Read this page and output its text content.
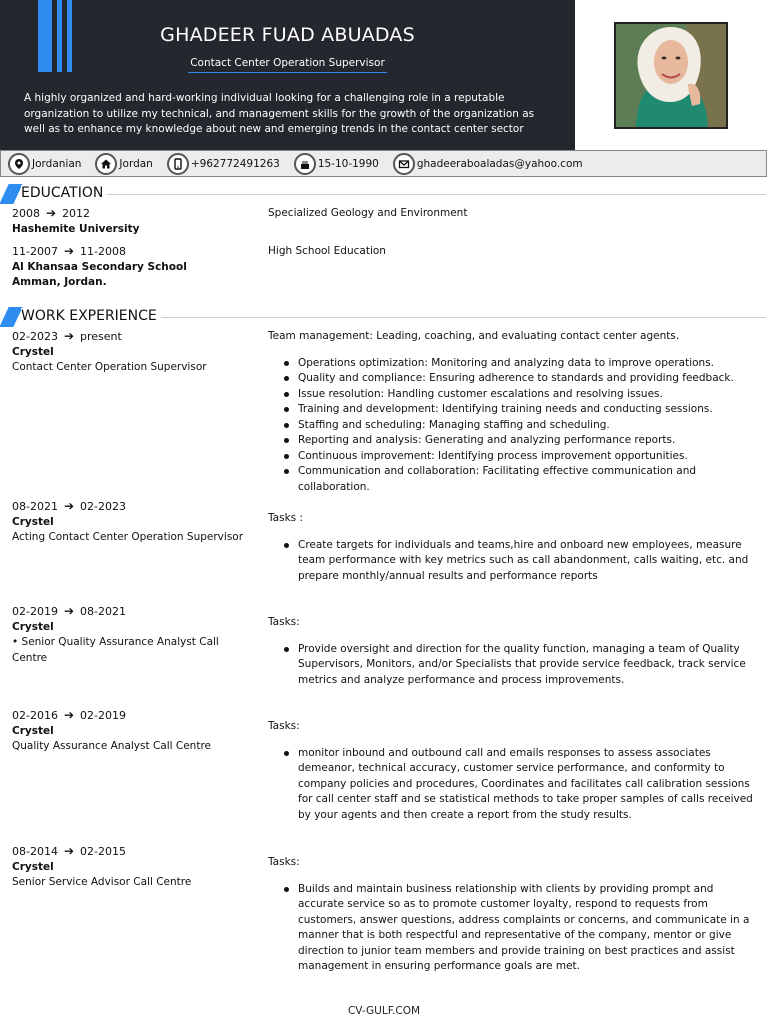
GHADEER FUAD ABUADAS
Contact Center Operation Supervisor
A highly organized and hard-working individual looking for a challenging role in a reputable organization to utilize my technical, and management skills for the growth of the organization as well as to enhance my knowledge about new and emerging trends in the contact center sector
Jordanian	Jordan	+962772491263	15-10-1990	ghadeeraboaladas@yahoo.com
EDUCATION
2008 ➔ 2012
Hashemite University
Specialized Geology and Environment
11-2007 ➔ 11-2008
Al Khansaa Secondary School Amman, Jordan.
High School Education
WORK EXPERIENCE
02-2023 ➔ present
Crystel
Contact Center Operation Supervisor
Team management: Leading, coaching, and evaluating contact center agents.
Operations optimization: Monitoring and analyzing data to improve operations.
Quality and compliance: Ensuring adherence to standards and providing feedback.
Issue resolution: Handling customer escalations and resolving issues.
Training and development: Identifying training needs and conducting sessions.
Staffing and scheduling: Managing staffing and scheduling.
Reporting and analysis: Generating and analyzing performance reports.
Continuous improvement: Identifying process improvement opportunities.
Communication and collaboration: Facilitating effective communication and collaboration.
08-2021 ➔ 02-2023
Crystel
Acting Contact Center Operation Supervisor
Tasks :
Create targets for individuals and teams,hire and onboard new employees, measure team performance with key metrics such as call abandonment, calls waiting, etc. and prepare monthly/annual results and performance reports
02-2019 ➔ 08-2021
Crystel
• Senior Quality Assurance Analyst Call Centre
Tasks:
Provide oversight and direction for the quality function, managing a team of Quality Supervisors, Monitors, and/or Specialists that provide service feedback, track service metrics and analyze performance and process improvements.
02-2016 ➔ 02-2019
Crystel
Quality Assurance Analyst Call Centre
Tasks:
monitor inbound and outbound call and emails responses to assess associates demeanor, technical accuracy, customer service performance, and conformity to company policies and procedures, Coordinates and facilitates call calibration sessions for call center staff and se statistical methods to take proper samples of calls received by your agents and then create a report from the study results.
08-2014 ➔ 02-2015
Crystel
Senior Service Advisor Call Centre
Tasks:
Builds and maintain business relationship with clients by providing prompt and accurate service so as to promote customer loyalty, respond to requests from customers, answer questions, address complaints or concerns, and communicate in a manner that is both respectful and representative of the company, mentor or give direction to junior team members and provide training on best practices and assist management in ensuring performance goals are met.
CV-GULF.COM
